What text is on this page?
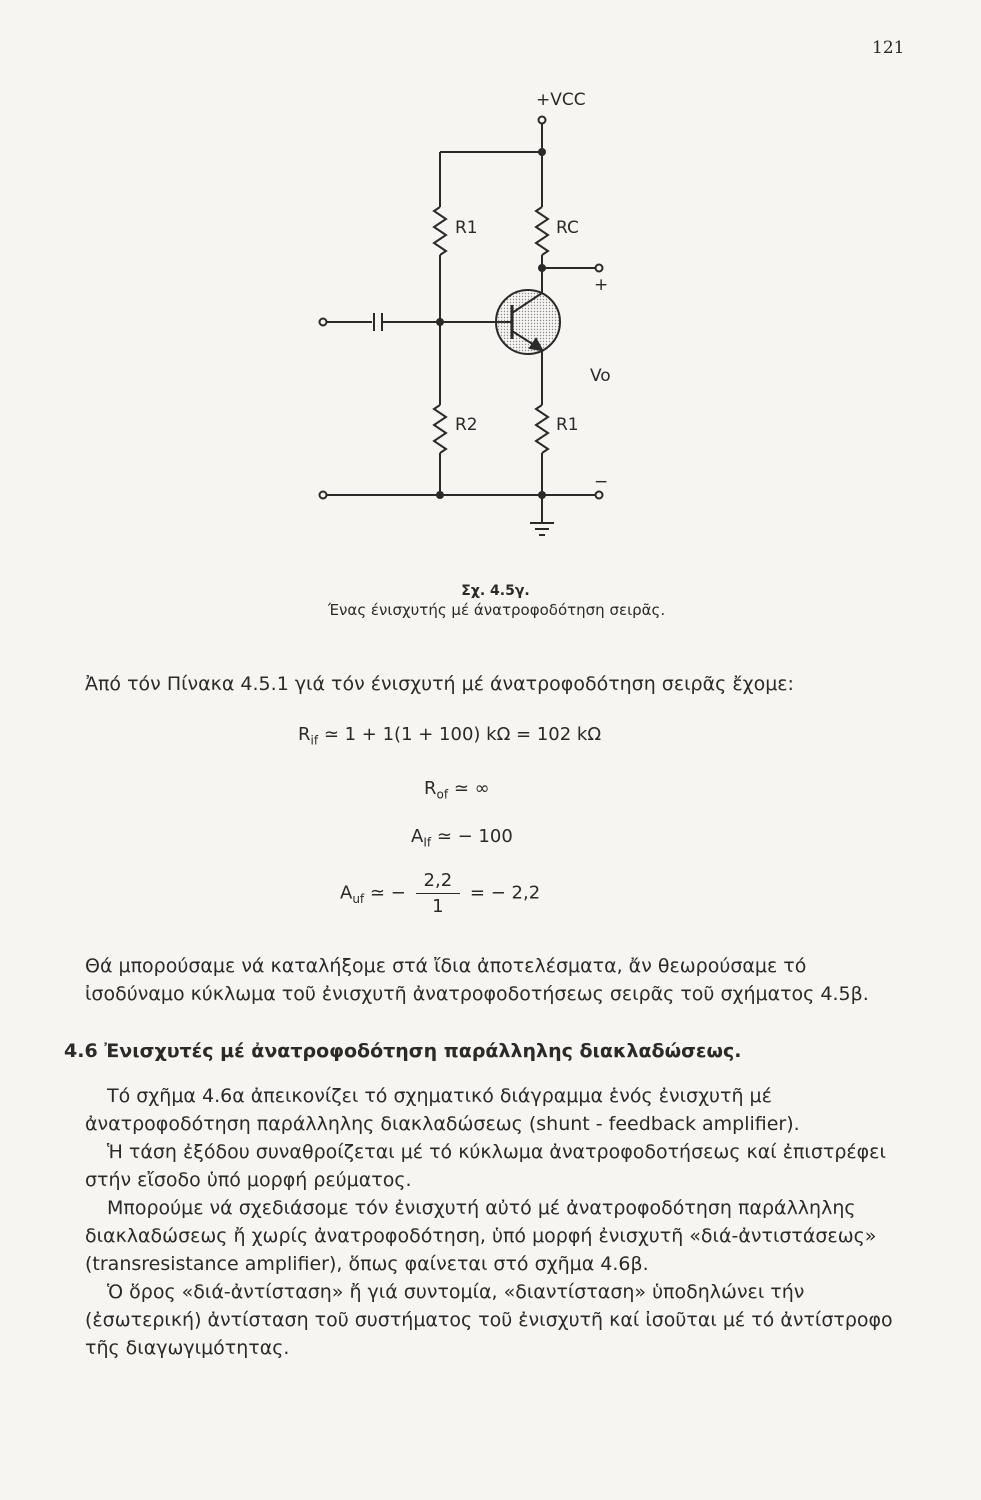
121
+VCC
R1	RC
R2	R1
+
Vo
−
Σχ. 4.5γ.
Ένας ένισχυτής μέ άνατροφοδότηση σειρᾶς.
Ἀπό τόν Πίνακα 4.5.1 γιά τόν ένισχυτή μέ άνατροφοδότηση σειρᾶς ἔχομε:
$R_{if}$ ≃ 1 + 1(1 + 100) kΩ = 102 kΩ
$R_{of}$ ≃ ∞
$A_{If}$ ≃ − 100
$A_{uf}$ ≃ − $\frac{2,2}{1}$ = − 2,2

Θά μπορούσαμε νά καταλήξομε στά ἴδια ἀποτελέσματα, ἄν θεωρούσαμε τό ἰσοδύναμο κύκλωμα τοῦ ἐνισχυτῆ ἀνατροφοδοτήσεως σειρᾶς τοῦ σχήματος 4.5β.

4.6 Ἐνισχυτές μέ ἀνατροφοδότηση παράλληλης διακλαδώσεως.

Τό σχῆμα 4.6α ἀπεικονίζει τό σχηματικό διάγραμμα ἑνός ἐνισχυτῆ μέ ἀνατροφοδότηση παράλληλης διακλαδώσεως (shunt - feedback amplifier).

Ἡ τάση ἐξόδου συναθροίζεται μέ τό κύκλωμα ἀνατροφοδοτήσεως καί ἐπιστρέφει στήν εἴσοδο ὑπό μορφή ρεύματος.

Μπορούμε νά σχεδιάσομε τόν ἐνισχυτή αὐτό μέ ἀνατροφοδότηση παράλληλης διακλαδώσεως ἤ χωρίς ἀνατροφοδότηση, ὑπό μορφή ἐνισχυτῆ «διά-ἀντιστάσεως» (transresistance amplifier), ὅπως φαίνεται στό σχῆμα 4.6β.

Ὁ ὅρος «διά-ἀντίσταση» ἤ γιά συντομία, «διαντίσταση» ὑποδηλώνει τήν (ἐσωτερική) ἀντίσταση τοῦ συστήματος τοῦ ἐνισχυτῆ καί ἰσοῦται μέ τό ἀντίστροφο τῆς διαγωγιμότητας.
